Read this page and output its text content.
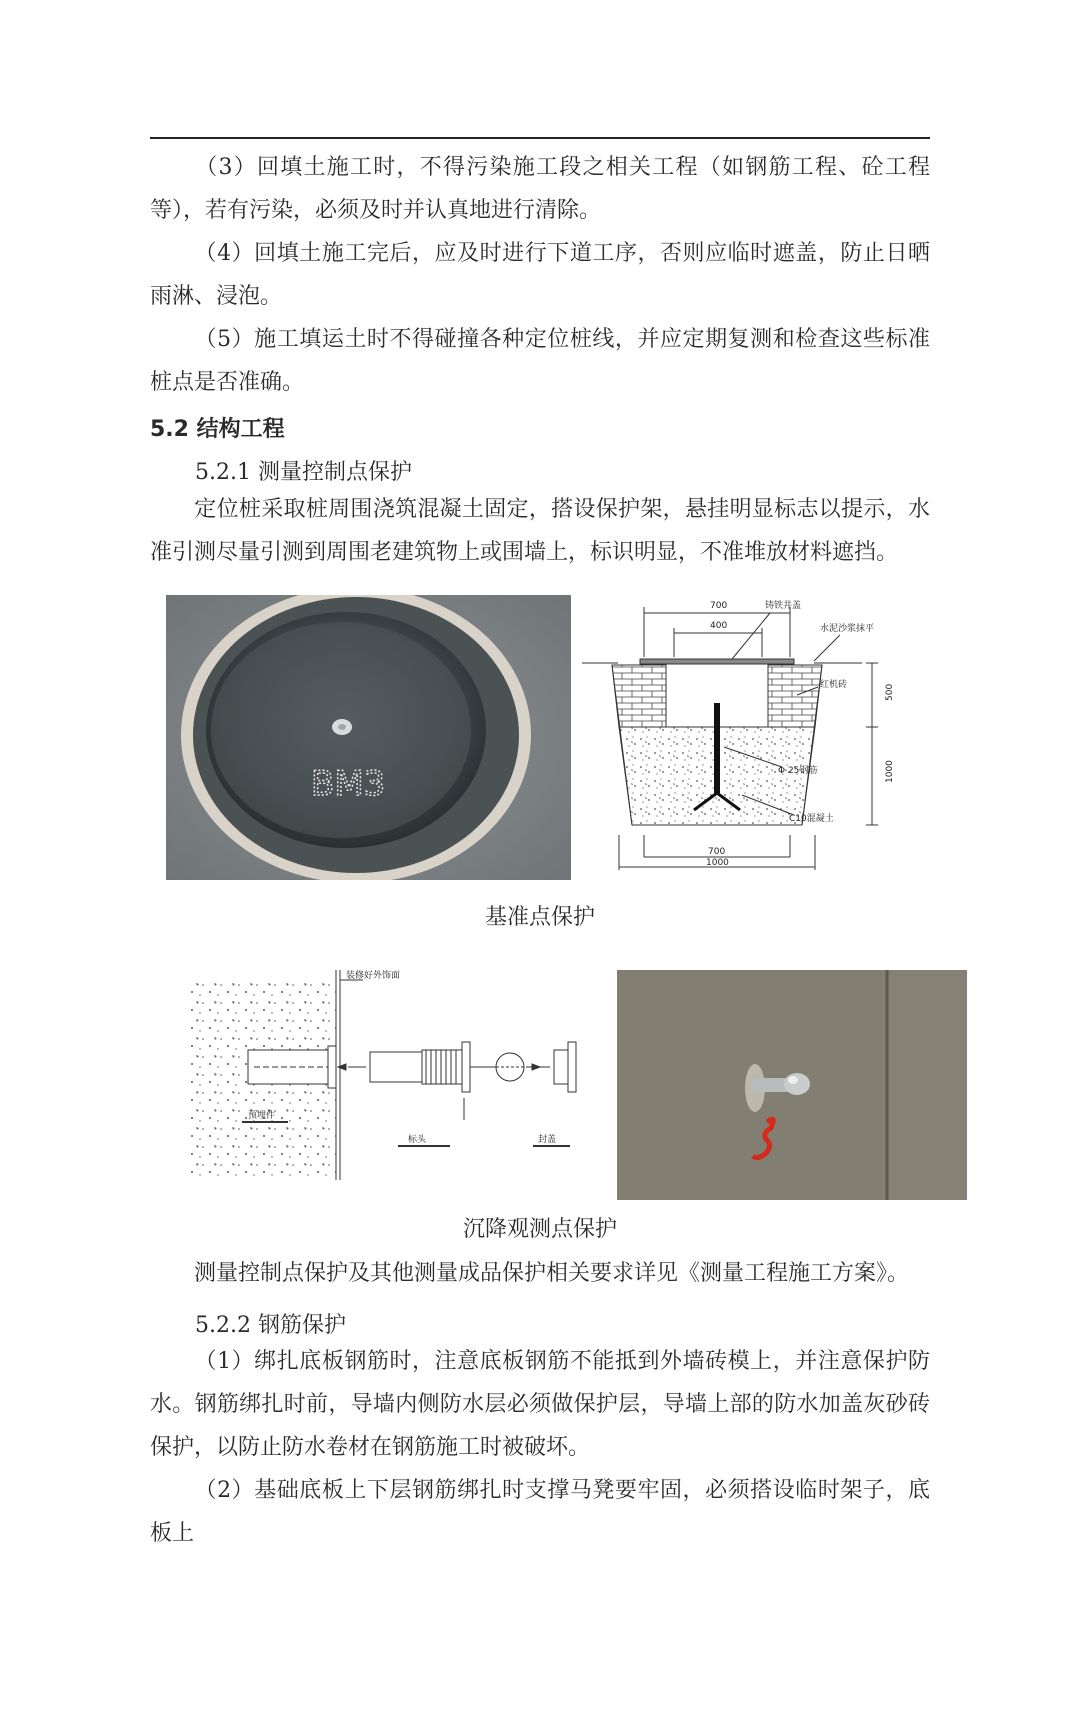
（3）回填土施工时，不得污染施工段之相关工程（如钢筋工程、砼工程等），若有污染，必须及时并认真地进行清除。
（4）回填土施工完后，应及时进行下道工序，否则应临时遮盖，防止日晒雨淋、浸泡。
（5）施工填运土时不得碰撞各种定位桩线，并应定期复测和检查这些标准桩点是否准确。
5.2 结构工程
5.2.1 测量控制点保护
定位桩采取桩周围浇筑混凝土固定，搭设保护架，悬挂明显标志以提示，水准引测尽量引测到周围老建筑物上或围墙上，标识明显，不准堆放材料遮挡。
BM3
700
400
铸铁井盖
水泥沙浆抹平
红机砖
Φ 25钢筋
C10混凝土
500
1000
700
1000
基准点保护
装修好外饰面
预埋件
标头	封盖
沉降观测点保护
测量控制点保护及其他测量成品保护相关要求详见《测量工程施工方案》。
5.2.2 钢筋保护
（1）绑扎底板钢筋时，注意底板钢筋不能抵到外墙砖模上，并注意保护防水。钢筋绑扎时前，导墙内侧防水层必须做保护层，导墙上部的防水加盖灰砂砖保护，以防止防水卷材在钢筋施工时被破坏。
（2）基础底板上下层钢筋绑扎时支撑马凳要牢固，必须搭设临时架子，底板上
